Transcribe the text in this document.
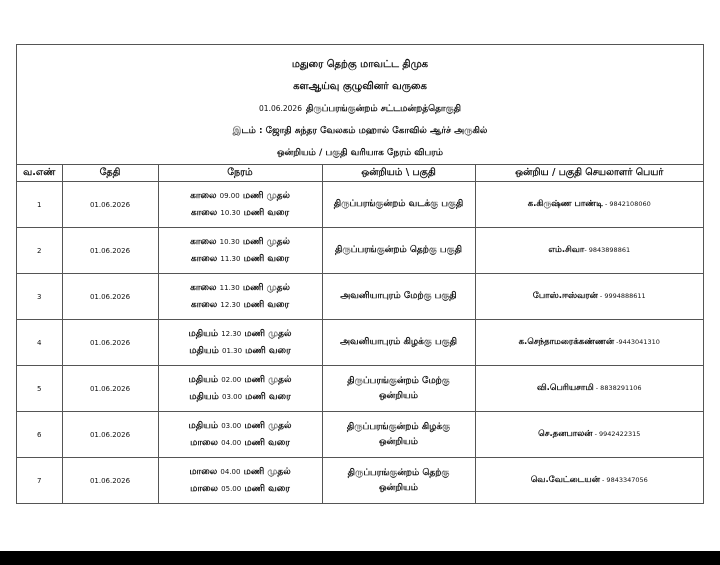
மதுரை தெற்கு மாவட்ட திமுக
களஆய்வு குழுவினர் வருகை
01.06.2026 திருப்பரங்குன்றம் சட்டமன்றத்தொகுதி
இடம் : ஜோதி சுந்தர வேலகம் மஹால் கோவில் ஆர்ச் அருகில்
ஒன்றியம் / பகுதி வரியாக நேரம் விபரம்
வ.எண்	தேதி	நேரம்	ஒன்றியம் \ பகுதி	ஒன்றிய / பகுதி செயலாளர் பெயர்
1	01.06.2026	காலை 09.00 மணி முதல்
காலை 10.30 மணி வரை	திருப்பரங்குன்றம் வடக்கு பகுதி	க.கிருஷ்ண பாண்டி - 9842108060
2	01.06.2026	காலை 10.30 மணி முதல்
காலை 11.30 மணி வரை	திருப்பரங்குன்றம் தெற்கு பகுதி	எம்.சிவா- 9843898861
3	01.06.2026	காலை 11.30 மணி முதல்
காலை 12.30 மணி வரை	அவனியாபுரம் மேற்கு பகுதி	போஸ்.ஈஸ்வரன் - 9994888611
4	01.06.2026	மதியம் 12.30 மணி முதல்
மதியம் 01.30 மணி வரை	அவனியாபுரம் கிழக்கு பகுதி	க.செந்தாமரைக்கண்ணன் -9443041310
5	01.06.2026	மதியம் 02.00 மணி முதல்
மதியம் 03.00 மணி வரை	திருப்பரங்குன்றம் மேற்கு ஒன்றியம்	வி.பெரியசாமி - 8838291106
6	01.06.2026	மதியம் 03.00 மணி முதல்
மாலை 04.00 மணி வரை	திருப்பரங்குன்றம் கிழக்கு ஒன்றியம்	செ.தனபாலன் - 9942422315
7	01.06.2026	மாலை 04.00 மணி முதல்
மாலை 05.00 மணி வரை	திருப்பரங்குன்றம் தெற்கு ஒன்றியம்	வெ.வேட்டையன் - 9843347056
